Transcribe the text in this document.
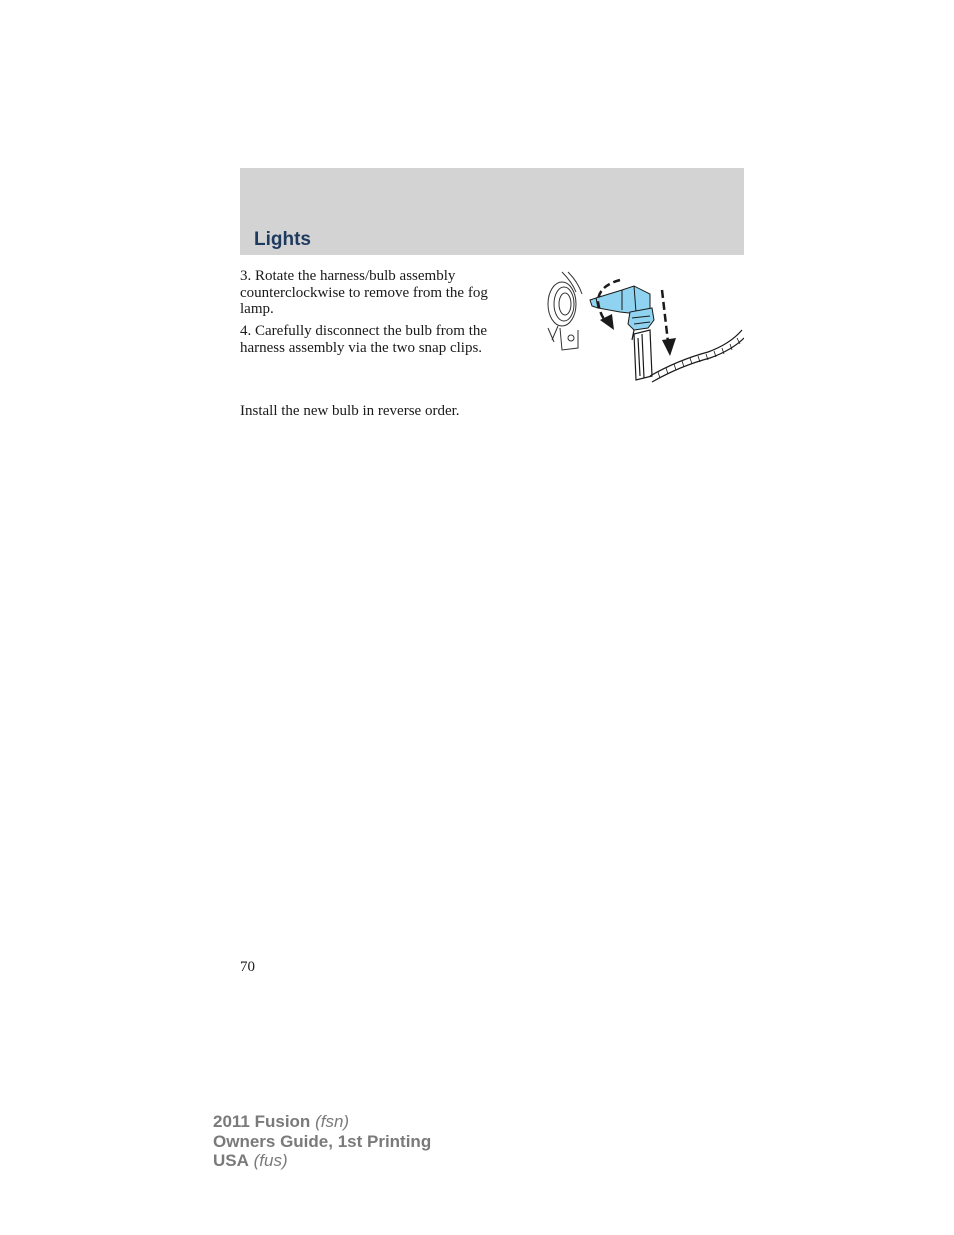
Lights

3. Rotate the harness/bulb assembly counterclockwise to remove from the fog lamp.

4. Carefully disconnect the bulb from the harness assembly via the two snap clips.

Install the new bulb in reverse order.

70

2011 Fusion (fsn)
Owners Guide, 1st Printing
USA (fus)
